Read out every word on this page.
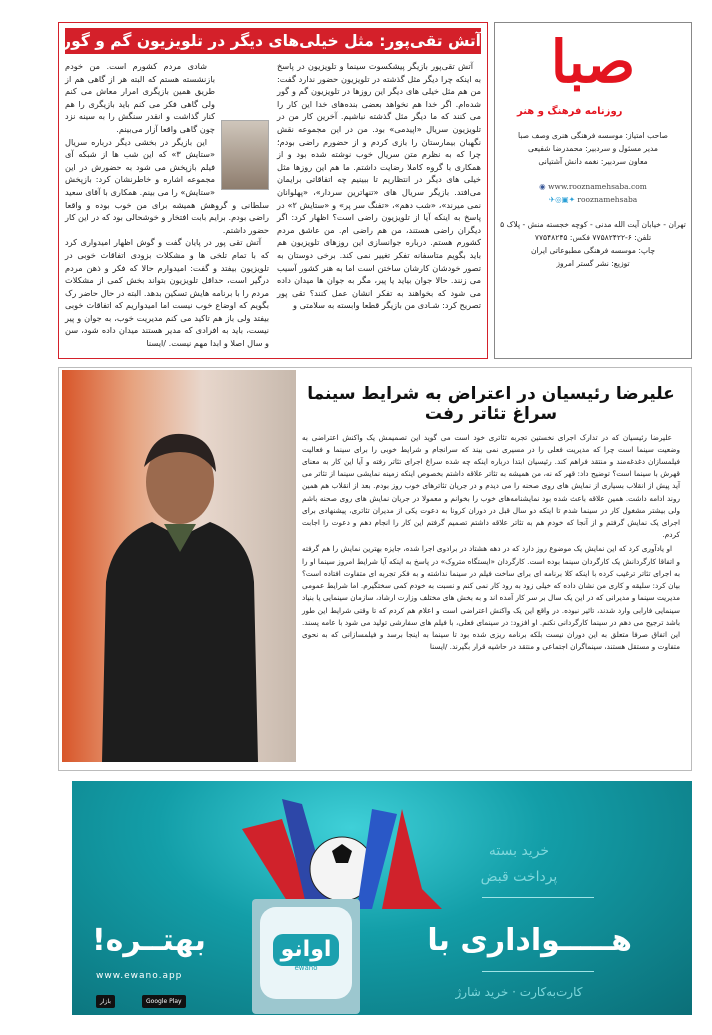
صبا
روزنامه فرهنگ و هنر
صاحب امتیاز: موسسه فرهنگی هنری وصف صبا
مدیر مسئول و سردبیر: محمدرضا شفیعی
معاون سردبیر: نغمه دانش آشتیانی
◉ www.rooznamehsaba.com
✈◎▣✦ rooznamehsaba
تهران - خیابان آیت الله مدنی - کوچه خجسته منش - پلاک ۵
تلفن: ۶-۷۷۵۸۲۴۲۲ فکس: ۷۷۵۴۸۲۴۵
چاپ: موسسه فرهنگی مطبوعاتی ایران
توزیع: نشر گستر امروز
آتش تقی‌پور: مثل خیلی‌های دیگر در تلویزیون گم و گور شده‌ام!

آتش تقی‌پور بازیگر پیشکسوت سینما و تلویزیون در پاسخ به اینکه چرا دیگر مثل گذشته در تلویزیون حضور ندارد گفت: من هم مثل خیلی های دیگر این روزها در تلویزیون گم و گور شده‌ام. اگر خدا هم نخواهد بعضی بنده‌های خدا این کار را می کنند که ما دیگر مثل گذشته نباشیم. آخرین کار من در تلویزیون سریال «اپیدمی» بود. من در این مجموعه نقش نگهبان بیمارستان را بازی کردم و از حضورم راضی بودم؛ چرا که به نظرم متن سریال خوب نوشته شده بود و از همکاری با گروه کاملا رضایت داشتم. ما هم این روزها مثل خیلی های دیگر در انتظاریم تا ببینیم چه اتفاقاتی برایمان می‌افتد. بازیگر سریال های «تنهاترین سردار»، «پهلوانان نمی میرند»، «شب دهم»، «تفنگ سر پر» و «ستایش ۲» در پاسخ به اینکه آیا از تلویزیون راضی است؟ اظهار کرد: اگر دیگران راضی هستند، من هم راضی ام. من عاشق مردم کشورم هستم. درباره جوانسازی این روزهای تلویزیون هم باید بگویم متاسفانه تفکر تغییر نمی کند. برخی دوستان به تصور خودشان کارشان ساختن است اما به هنر کشور آسیب می زنند. حالا جوان بیاید یا پیر، مگر به جوان ها میدان داده می شود که بخواهند به تفکر انشان عمل کنند؟ تقی پور تصریح کرد: شـادی من بازیگر قطعا وابسته به سلامتی و

شادی مردم کشورم است. من خودم بازنشسته هستم که البته هر از گاهی هم از طریق همین بازیگری امرار معاش می کنم ولی گاهی فکر می کنم باید بازیگری را هم کنار گذاشت و انقدر سنگش را به سینه نزد چون گاهی واقعا آزار می‌بینم.

این بازیگر در بخشی دیگر درباره سریال «ستایش ۳» که این شب ها از شبکه آی فیلم بازپخش می شود به حضورش در این مجموعه اشاره و خاطرنشان کرد: بازپخش «ستایش» را می بینم. همکاری با آقای سعید سلطانی و گروهش همیشه برای من خوب بوده و واقعا راضی بودم. برایم بابت افتخار و خوشحالی بود که در این کار حضور داشتم.

آتش تقی پور در پایان گفت و گوش اظهار امیدواری کرد که با تمام تلخی ها و مشکلات بزودی اتفاقات خوبی در تلویزیون بیفتد و گفت: امیدوارم حالا که فکر و ذهن مردم درگیر است، حداقل تلویزیون بتواند بخش کمی از مشکلات مردم را با برنامه هایش تسکین بدهد. البته در حال حاضر رک بگویم که اوضاع خوب نیست اما امیدواریم که اتفاقات خوبی بیفتد ولی باز هم تاکید می کنم مدیریت خوب، به جوان و پیر نیست، باید به افرادی که مدیر هستند میدان داده شود، سن و سال اصلا و ابدا مهم نیست. /ایسنا

علیرضا رئیسیان در اعتراض به شرایط سینما سراغ تئاتر رفت

علیرضا رئیسیان که در تدارک اجرای نخستین تجربه تئاتری خود است می گوید این تصمیمش یک واکنش اعتراضی به وضعیت سینما است چرا که مدیریت فعلی را در مسیری نمی بیند که سرانجام و شرایط خوبی را برای سینما و فعالیت فیلمسازان دغدغه‌مند و منتقد فراهم کند. رئیسیان ابتدا درباره اینکه چه شده سراغ اجرای تئاتر رفته و آیا این کار به معنای قهرش با سینما است؟ توضیح داد: قهر که نه، من همیشه به تئاتر علاقه داشتم بخصوص اینکه زمینه نمایشی سینما از تئاتر می آید پیش از انقلاب بسیاری از نمایش های روی صحنه را می دیدم و در جریان تئاترهای خوب روز بودم. بعد از انقلاب هم همین روند ادامه داشت. همین علاقه باعث شده بود نمایشنامه‌های خوب را بخوانم و معمولا در جریان نمایش های روی صحنه باشم ولی بیشتر مشغول کار در سینما شدم تا اینکه دو سال قبل در دوران کرونا به دعوت یکی از مدیران تئاتری، پیشنهادی برای اجرای یک نمایش گرفتم و از آنجا که خودم هم به تئاتر علاقه داشتم تصمیم گرفتم این کار را انجام دهم و دعوت را اجابت کردم.

او یادآوری کرد که این نمایش یک موضوع روز دارد که در دهه هشتاد در برادوی اجرا شده، جایزه بهترین نمایش را هم گرفته و اتفاقا کارگردانش یک کارگردان سینما بوده است. کارگردان «ایستگاه متروک» در پاسخ به اینکه آیا شرایط امروز سینما او را به اجرای تئاتر ترغیب کرده با اینکه کلا برنامه ای برای ساخت فیلم در سینما نداشته و به فکر تجربه ای متفاوت افتاده است؟ بیان کرد: سلیقه و کاری من نشان داده که خیلی زود به رود کار نمی کنم و نسبت به خودم کمی سختگیرم. اما شرایط عمومی مدیریت سینما و مدیرانی که در این یک سال بر سر کار آمده اند و به بخش های مختلف وزارت ارشاد، سازمان سینمایی یا بنیاد سینمایی فارابی وارد شدند، تاثیر نبوده. در واقع این یک واکنش اعتراضی است و اعلام هم کردم که تا وقتی شرایط این طور باشد ترجیح می دهم در سینما کارگردانی نکنم. او افزود: در سینمای فعلی، با فیلم های سفارشی تولید می شود با عامه پسند. این اتفاق صرفا متعلق به این دوران نیست بلکه برنامه ریزی شده بود تا سینما به اینجا برسد و فیلمسازانی که به نحوی متفاوت و مستقل هستند، سینماگران اجتماعی و منتقد در حاشیه قرار بگیرند. /ایسنا

اوانو
ewano
هـــــوادارى با
بهتــره!
خرید بسته
پرداخت قبض
کارت‌به‌کارت · خرید شارژ
www.ewano.app
Google Play
بازار
